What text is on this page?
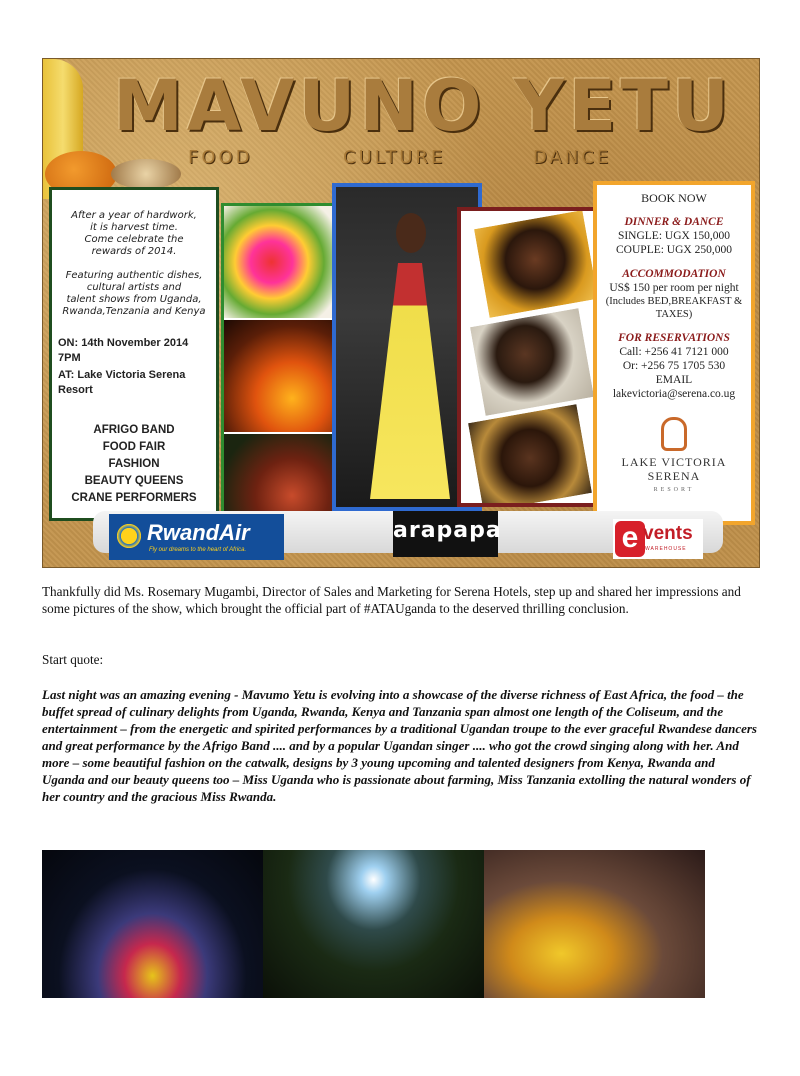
MAVUNO YETU
FOOD	CULTURE	DANCE
After a year of hardwork,
it is harvest time.
Come celebrate the
rewards of 2014.

Featuring authentic dishes,
cultural artists and
talent shows from Uganda,
Rwanda,Tenzania and Kenya
ON: 14th November 2014 7PM
AT: Lake Victoria Serena Resort
AFRIGO BAND
FOOD FAIR
FASHION
BEAUTY QUEENS
CRANE PERFORMERS
BOOK NOW
DINNER & DANCE
SINGLE: UGX 150,000
COUPLE: UGX 250,000
ACCOMMODATION
US$ 150 per room per night
(Includes BED,BREAKFAST & TAXES)
FOR RESERVATIONS
Call: +256 41 7121 000
Or: +256 75 1705 530
EMAIL
lakevictoria@serena.co.ug
LAKE VICTORIA SERENA
RESORT
RwandAir
Fly our dreams to the heart of Africa.
arapapa	e vents
WAREHOUSE

Thankfully did Ms. Rosemary Mugambi, Director of Sales and Marketing for Serena Hotels, step up and shared her impressions and some pictures of the show, which brought the official part of #ATAUganda to the deserved thrilling conclusion.

Start quote:

Last night was an amazing evening - Mavumo Yetu is evolving into a showcase of the diverse richness of East Africa, the food – the buffet spread of culinary delights from Uganda, Rwanda, Kenya and Tanzania span almost one length of the Coliseum, and the entertainment – from the energetic and spirited performances by a traditional Ugandan troupe to the ever graceful Rwandese dancers and great performance by the Afrigo Band .... and by a popular Ugandan singer .... who got the crowd singing along with her. And more – some beautiful fashion on the catwalk, designs by 3 young upcoming and talented designers from Kenya, Rwanda and Uganda and our beauty queens too – Miss Uganda who is passionate about farming, Miss Tanzania extolling the natural wonders of her country and the gracious Miss Rwanda.
